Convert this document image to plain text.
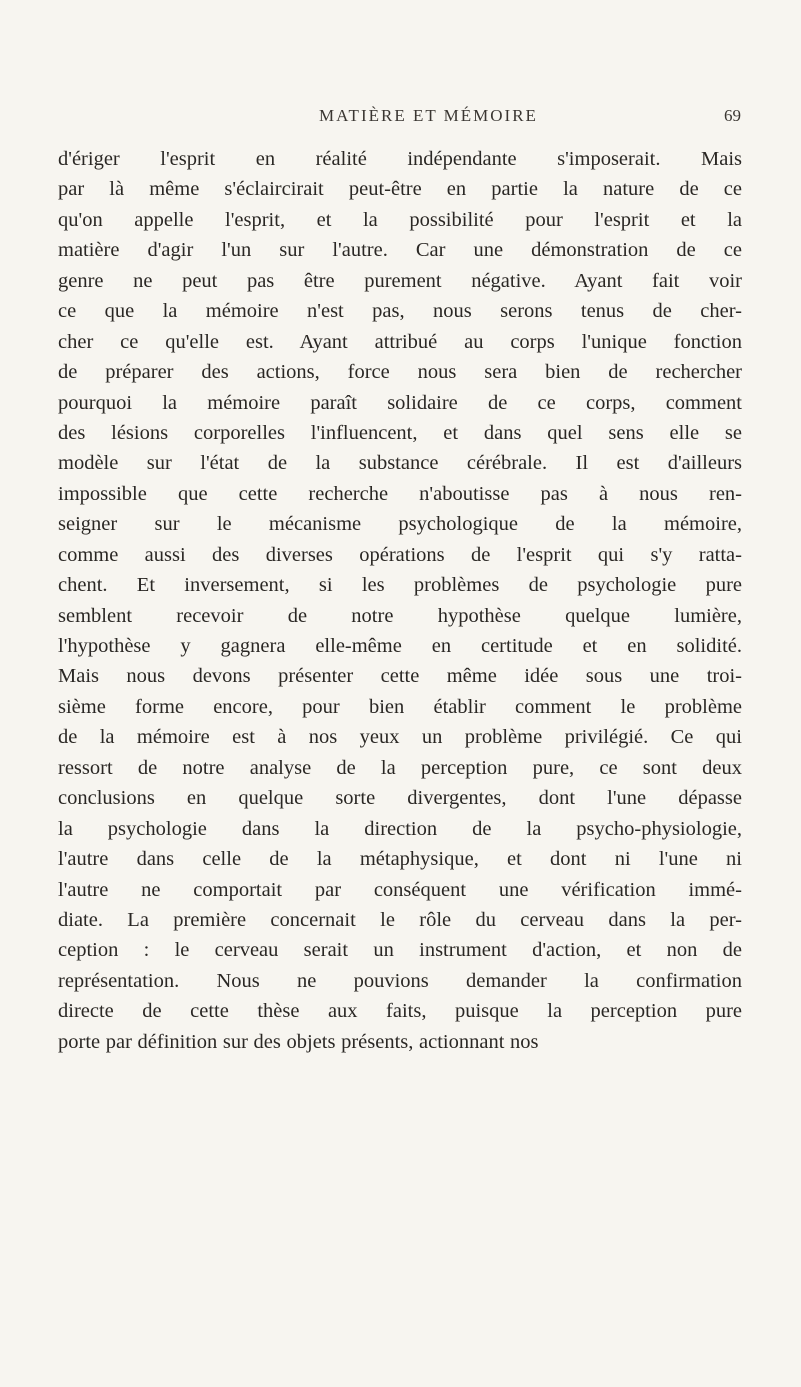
MATIÈRE ET MÉMOIRE	69
d'ériger l'esprit en réalité indépendante s'imposerait. Mais
par là même s'éclaircirait peut-être en partie la nature de ce
qu'on appelle l'esprit, et la possibilité pour l'esprit et la
matière d'agir l'un sur l'autre. Car une démonstration de ce
genre ne peut pas être purement négative. Ayant fait voir
ce que la mémoire n'est pas, nous serons tenus de cher-
cher ce qu'elle est. Ayant attribué au corps l'unique fonction
de préparer des actions, force nous sera bien de rechercher
pourquoi la mémoire paraît solidaire de ce corps, comment
des lésions corporelles l'influencent, et dans quel sens elle se
modèle sur l'état de la substance cérébrale. Il est d'ailleurs
impossible que cette recherche n'aboutisse pas à nous ren-
seigner sur le mécanisme psychologique de la mémoire,
comme aussi des diverses opérations de l'esprit qui s'y ratta-
chent. Et inversement, si les problèmes de psychologie pure
semblent recevoir de notre hypothèse quelque lumière,
l'hypothèse y gagnera elle-même en certitude et en solidité.
Mais nous devons présenter cette même idée sous une troi-
sième forme encore, pour bien établir comment le problème
de la mémoire est à nos yeux un problème privilégié. Ce qui
ressort de notre analyse de la perception pure, ce sont deux
conclusions en quelque sorte divergentes, dont l'une dépasse
la psychologie dans la direction de la psycho-physiologie,
l'autre dans celle de la métaphysique, et dont ni l'une ni
l'autre ne comportait par conséquent une vérification immé-
diate. La première concernait le rôle du cerveau dans la per-
ception : le cerveau serait un instrument d'action, et non de
représentation. Nous ne pouvions demander la confirmation
directe de cette thèse aux faits, puisque la perception pure
porte par définition sur des objets présents, actionnant nos
